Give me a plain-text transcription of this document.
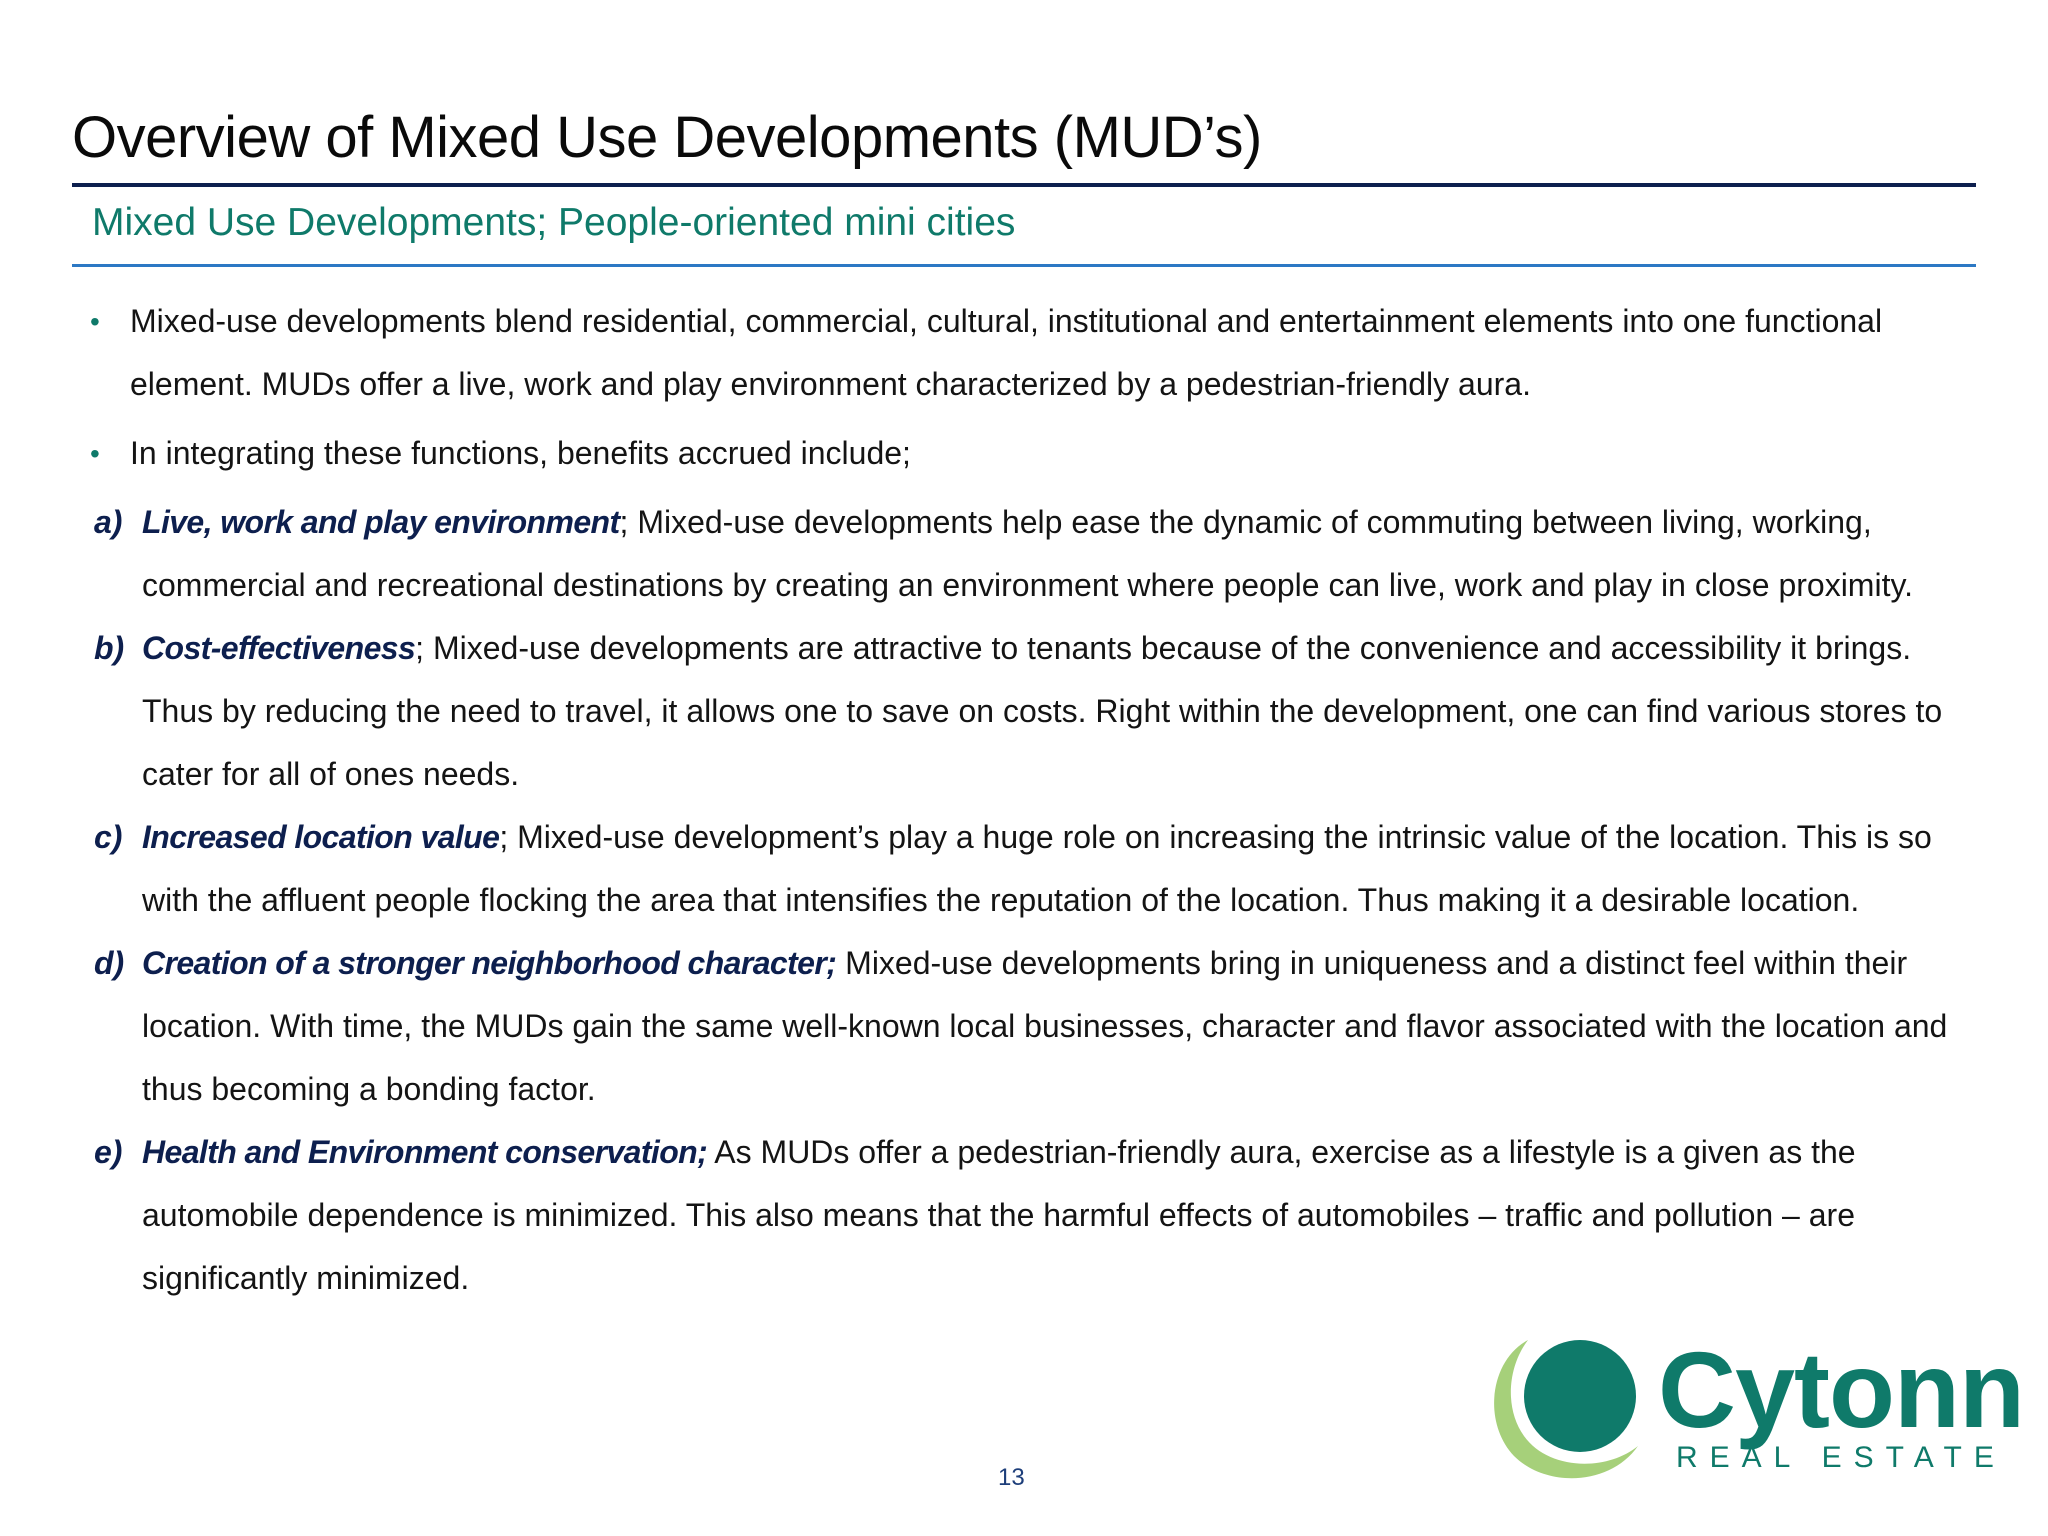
Overview of Mixed Use Developments (MUD’s)
Mixed Use Developments; People-oriented mini cities

• Mixed-use developments blend residential, commercial, cultural, institutional and entertainment elements into one functional element. MUDs offer a live, work and play environment characterized by a pedestrian-friendly aura.

• In integrating these functions, benefits accrued include;

a) Live, work and play environment; Mixed-use developments help ease the dynamic of commuting between living, working, commercial and recreational destinations by creating an environment where people can live, work and play in close proximity.

b) Cost-effectiveness; Mixed-use developments are attractive to tenants because of the convenience and accessibility it brings. Thus by reducing the need to travel, it allows one to save on costs. Right within the development, one can find various stores to cater for all of ones needs.

c) Increased location value; Mixed-use development’s play a huge role on increasing the intrinsic value of the location. This is so with the affluent people flocking the area that intensifies the reputation of the location. Thus making it a desirable location.

d) Creation of a stronger neighborhood character; Mixed-use developments bring in uniqueness and a distinct feel within their location. With time, the MUDs gain the same well-known local businesses, character and flavor associated with the location and thus becoming a bonding factor.

e) Health and Environment conservation; As MUDs offer a pedestrian-friendly aura, exercise as a lifestyle is a given as the automobile dependence is minimized. This also means that the harmful effects of automobiles – traffic and pollution – are significantly minimized.

13
Cytonn
REAL ESTATE
